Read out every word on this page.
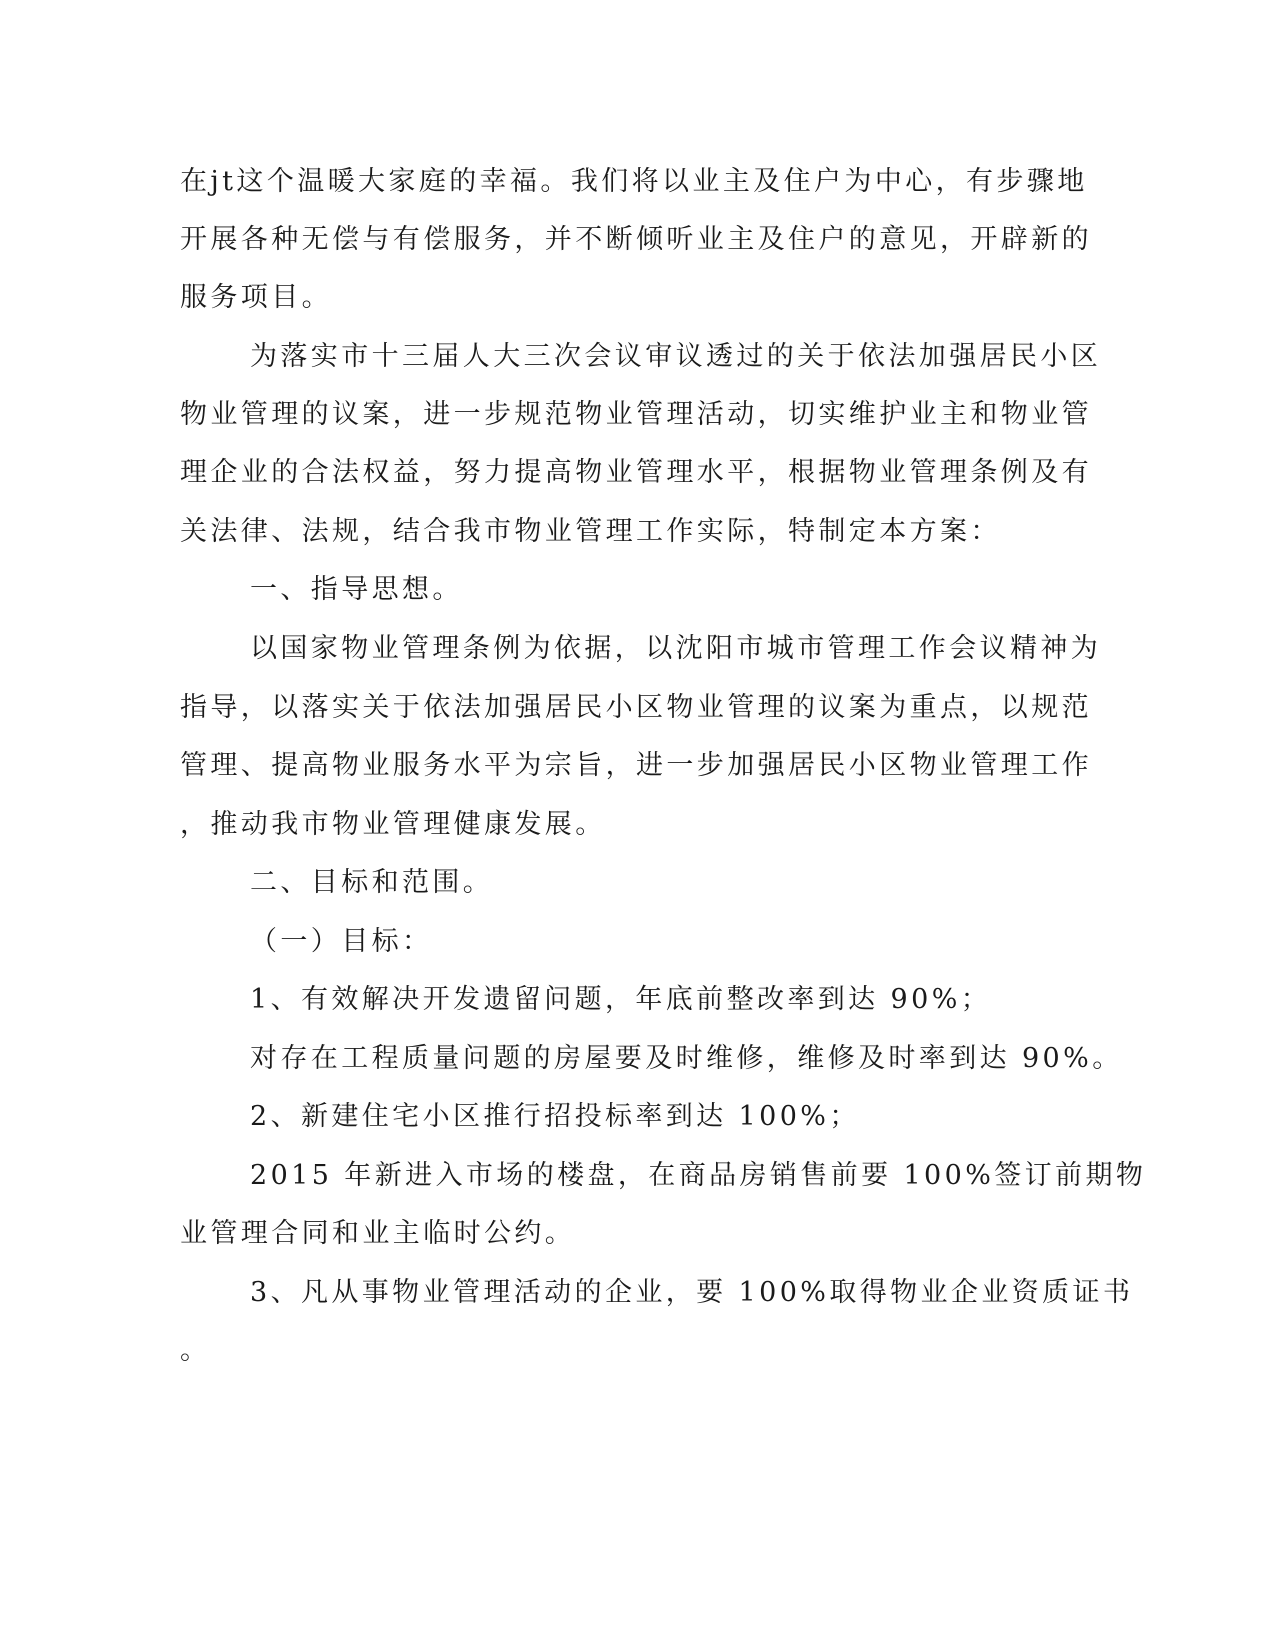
在jt这个温暖大家庭的幸福。我们将以业主及住户为中心，有步骤地
开展各种无偿与有偿服务，并不断倾听业主及住户的意见，开辟新的
服务项目。
为落实市十三届人大三次会议审议透过的关于依法加强居民小区
物业管理的议案，进一步规范物业管理活动，切实维护业主和物业管
理企业的合法权益，努力提高物业管理水平，根据物业管理条例及有
关法律、法规，结合我市物业管理工作实际，特制定本方案：
一、指导思想。
以国家物业管理条例为依据，以沈阳市城市管理工作会议精神为
指导，以落实关于依法加强居民小区物业管理的议案为重点，以规范
管理、提高物业服务水平为宗旨，进一步加强居民小区物业管理工作
，推动我市物业管理健康发展。
二、目标和范围。
（一）目标：
1、有效解决开发遗留问题，年底前整改率到达 90%；
对存在工程质量问题的房屋要及时维修，维修及时率到达 90%。
2、新建住宅小区推行招投标率到达 100%；
2015 年新进入市场的楼盘，在商品房销售前要 100%签订前期物
业管理合同和业主临时公约。
3、凡从事物业管理活动的企业，要 100%取得物业企业资质证书
。
